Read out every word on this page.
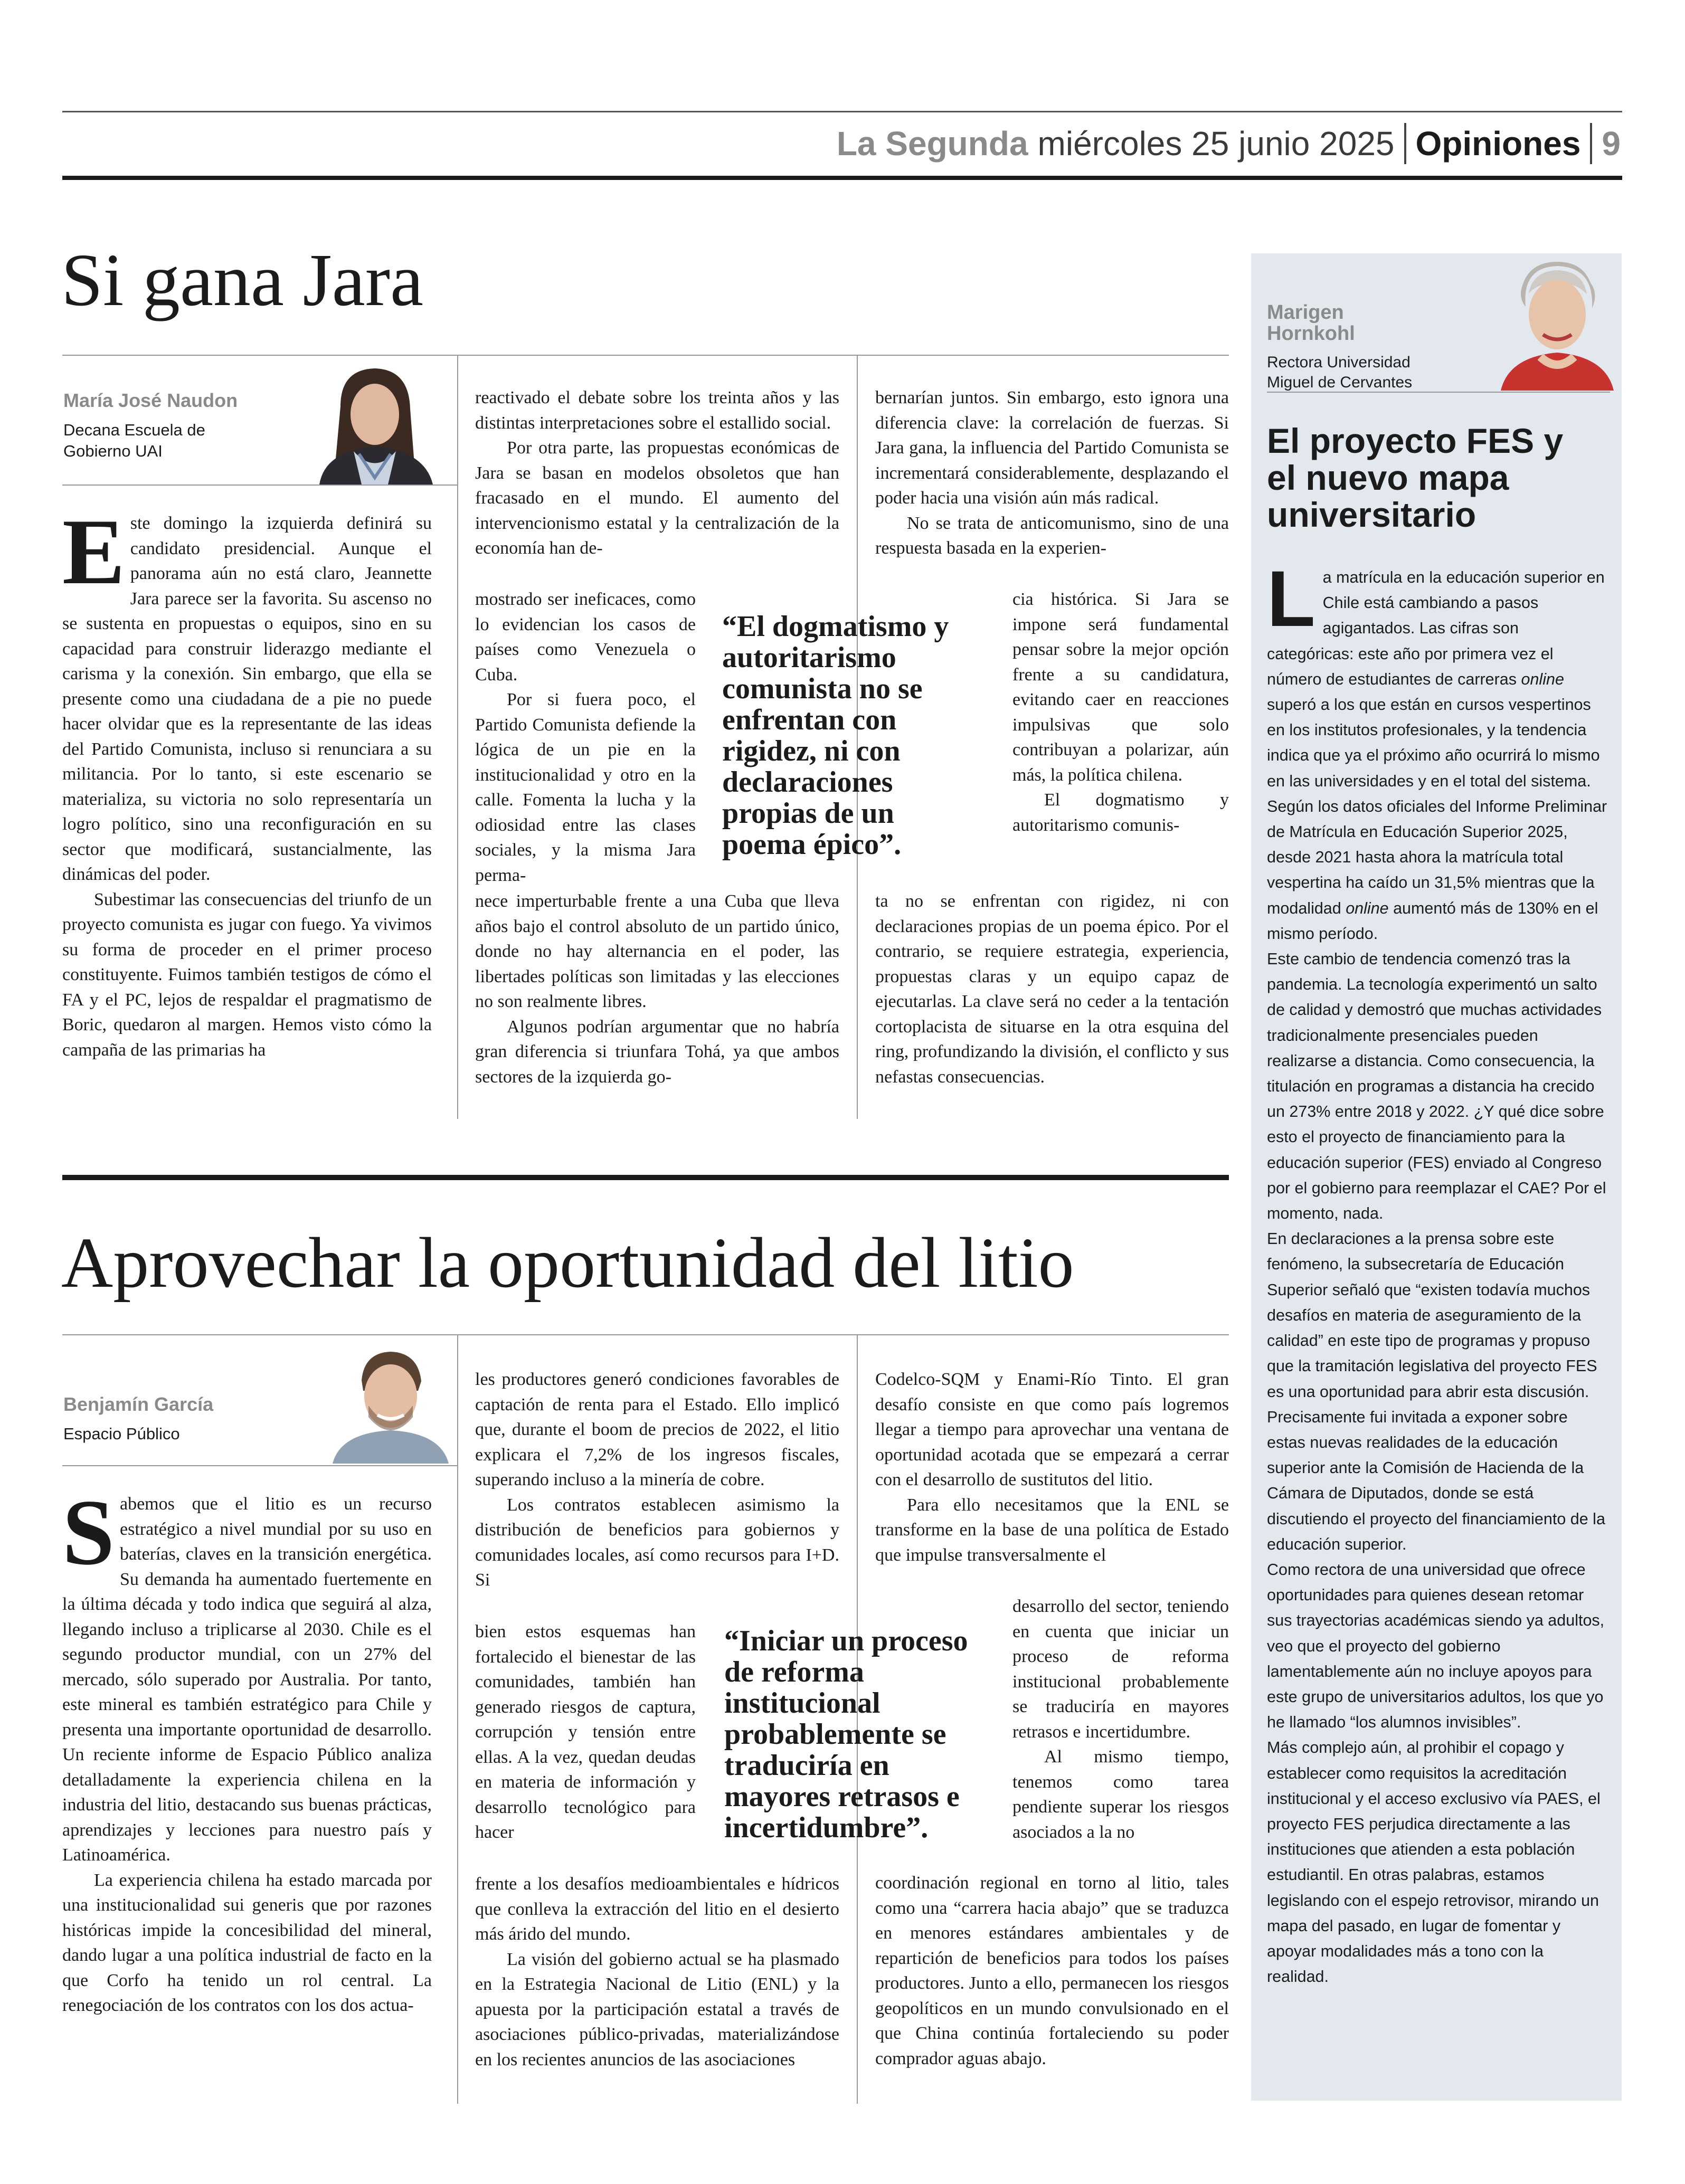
La Segunda miércoles 25 junio 2025 Opiniones 9
Si gana Jara
María José Naudon
Decana Escuela de
Gobierno UAI

Este domingo la izquierda definirá su candidato presidencial. Aunque el panorama aún no está claro, Jeannette Jara parece ser la favorita. Su ascenso no se sustenta en propuestas o equipos, sino en su capacidad para construir liderazgo mediante el carisma y la conexión. Sin embargo, que ella se presente como una ciudadana de a pie no puede hacer olvidar que es la representante de las ideas del Partido Comunista, incluso si renunciara a su militancia. Por lo tanto, si este escenario se materializa, su victoria no solo representaría un logro político, sino una reconfiguración en su sector que modificará, sustancialmente, las dinámicas del poder.

Subestimar las consecuencias del triunfo de un proyecto comunista es jugar con fuego. Ya vivimos su forma de proceder en el primer proceso constituyente. Fuimos también testigos de cómo el FA y el PC, lejos de respaldar el pragmatismo de Boric, quedaron al margen. Hemos visto cómo la campaña de las primarias ha

reactivado el debate sobre los treinta años y las distintas interpretaciones sobre el estallido social.

Por otra parte, las propuestas económicas de Jara se basan en modelos obsoletos que han fracasado en el mundo. El aumento del intervencionismo estatal y la centralización de la economía han de-

mostrado ser ineficaces, como lo evidencian los casos de países como Venezuela o Cuba.

Por si fuera poco, el Partido Comunista defiende la lógica de un pie en la institucionalidad y otro en la calle. Fomenta la lucha y la odiosidad entre las clases sociales, y la misma Jara perma-

nece imperturbable frente a una Cuba que lleva años bajo el control absoluto de un partido único, donde no hay alternancia en el poder, las libertades políticas son limitadas y las elecciones no son realmente libres.

Algunos podrían argumentar que no habría gran diferencia si triunfara Tohá, ya que ambos sectores de la izquierda go-

“El dogmatismo y autoritarismo comunista no se enfrentan con rigidez, ni con declaraciones propias de un poema épico”.

bernarían juntos. Sin embargo, esto ignora una diferencia clave: la correlación de fuerzas. Si Jara gana, la influencia del Partido Comunista se incrementará considerablemente, desplazando el poder hacia una visión aún más radical.

No se trata de anticomunismo, sino de una respuesta basada en la experien-

cia histórica. Si Jara se impone será fundamental pensar sobre la mejor opción frente a su candidatura, evitando caer en reacciones impulsivas que solo contribuyan a polarizar, aún más, la política chilena.

El dogmatismo y autoritarismo comunis-

ta no se enfrentan con rigidez, ni con declaraciones propias de un poema épico. Por el contrario, se requiere estrategia, experiencia, propuestas claras y un equipo capaz de ejecutarlas. La clave será no ceder a la tentación cortoplacista de situarse en la otra esquina del ring, profundizando la división, el conflicto y sus nefastas consecuencias.

Aprovechar la oportunidad del litio
Benjamín García
Espacio Público

Sabemos que el litio es un recurso estratégico a nivel mundial por su uso en baterías, claves en la transición energética. Su demanda ha aumentado fuertemente en la última década y todo indica que seguirá al alza, llegando incluso a triplicarse al 2030. Chile es el segundo productor mundial, con un 27% del mercado, sólo superado por Australia. Por tanto, este mineral es también estratégico para Chile y presenta una importante oportunidad de desarrollo. Un reciente informe de Espacio Público analiza detalladamente la experiencia chilena en la industria del litio, destacando sus buenas prácticas, aprendizajes y lecciones para nuestro país y Latinoamérica.

La experiencia chilena ha estado marcada por una institucionalidad sui generis que por razones históricas impide la concesibilidad del mineral, dando lugar a una política industrial de facto en la que Corfo ha tenido un rol central. La renegociación de los contratos con los dos actua-

les productores generó condiciones favorables de captación de renta para el Estado. Ello implicó que, durante el boom de precios de 2022, el litio explicara el 7,2% de los ingresos fiscales, superando incluso a la minería de cobre.

Los contratos establecen asimismo la distribución de beneficios para gobiernos y comunidades locales, así como recursos para I+D. Si

bien estos esquemas han fortalecido el bienestar de las comunidades, también han generado riesgos de captura, corrupción y tensión entre ellas. A la vez, quedan deudas en materia de información y desarrollo tecnológico para hacer

frente a los desafíos medioambientales e hídricos que conlleva la extracción del litio en el desierto más árido del mundo.

La visión del gobierno actual se ha plasmado en la Estrategia Nacional de Litio (ENL) y la apuesta por la participación estatal a través de asociaciones público-privadas, materializándose en los recientes anuncios de las asociaciones

“Iniciar un proceso de reforma institucional probablemente se traduciría en mayores retrasos e incertidumbre”.

Codelco-SQM y Enami-Río Tinto. El gran desafío consiste en que como país logremos llegar a tiempo para aprovechar una ventana de oportunidad acotada que se empezará a cerrar con el desarrollo de sustitutos del litio.

Para ello necesitamos que la ENL se transforme en la base de una política de Estado que impulse transversalmente el

desarrollo del sector, teniendo en cuenta que iniciar un proceso de reforma institucional probablemente se traduciría en mayores retrasos e incertidumbre.

Al mismo tiempo, tenemos como tarea pendiente superar los riesgos asociados a la no

coordinación regional en torno al litio, tales como una “carrera hacia abajo” que se traduzca en menores estándares ambientales y de repartición de beneficios para todos los países productores. Junto a ello, permanecen los riesgos geopolíticos en un mundo convulsionado en el que China continúa fortaleciendo su poder comprador aguas abajo.

Marigen
Hornkohl
Rectora Universidad
Miguel de Cervantes
El proyecto FES y
el nuevo mapa
universitario

La matrícula en la educación superior en Chile está cambiando a pasos agigantados. Las cifras son categóricas: este año por primera vez el número de estudiantes de carreras online superó a los que están en cursos vespertinos en los institutos profesionales, y la tendencia indica que ya el próximo año ocurrirá lo mismo en las universidades y en el total del sistema.

Según los datos oficiales del Informe Preliminar de Matrícula en Educación Superior 2025, desde 2021 hasta ahora la matrícula total vespertina ha caído un 31,5% mientras que la modalidad online aumentó más de 130% en el mismo período.

Este cambio de tendencia comenzó tras la pandemia. La tecnología experimentó un salto de calidad y demostró que muchas actividades tradicionalmente presenciales pueden realizarse a distancia. Como consecuencia, la titulación en programas a distancia ha crecido un 273% entre 2018 y 2022. ¿Y qué dice sobre esto el proyecto de financiamiento para la educación superior (FES) enviado al Congreso por el gobierno para reemplazar el CAE? Por el momento, nada.

En declaraciones a la prensa sobre este fenómeno, la subsecretaría de Educación Superior señaló que “existen todavía muchos desafíos en materia de aseguramiento de la calidad” en este tipo de programas y propuso que la tramitación legislativa del proyecto FES es una oportunidad para abrir esta discusión.

Precisamente fui invitada a exponer sobre estas nuevas realidades de la educación superior ante la Comisión de Hacienda de la Cámara de Diputados, donde se está discutiendo el proyecto del financiamiento de la educación superior.

Como rectora de una universidad que ofrece oportunidades para quienes desean retomar sus trayectorias académicas siendo ya adultos, veo que el proyecto del gobierno lamentablemente aún no incluye apoyos para este grupo de universitarios adultos, los que yo he llamado “los alumnos invisibles”.

Más complejo aún, al prohibir el copago y establecer como requisitos la acreditación institucional y el acceso exclusivo vía PAES, el proyecto FES perjudica directamente a las instituciones que atienden a esta población estudiantil. En otras palabras, estamos legislando con el espejo retrovisor, mirando un mapa del pasado, en lugar de fomentar y apoyar modalidades más a tono con la realidad.
